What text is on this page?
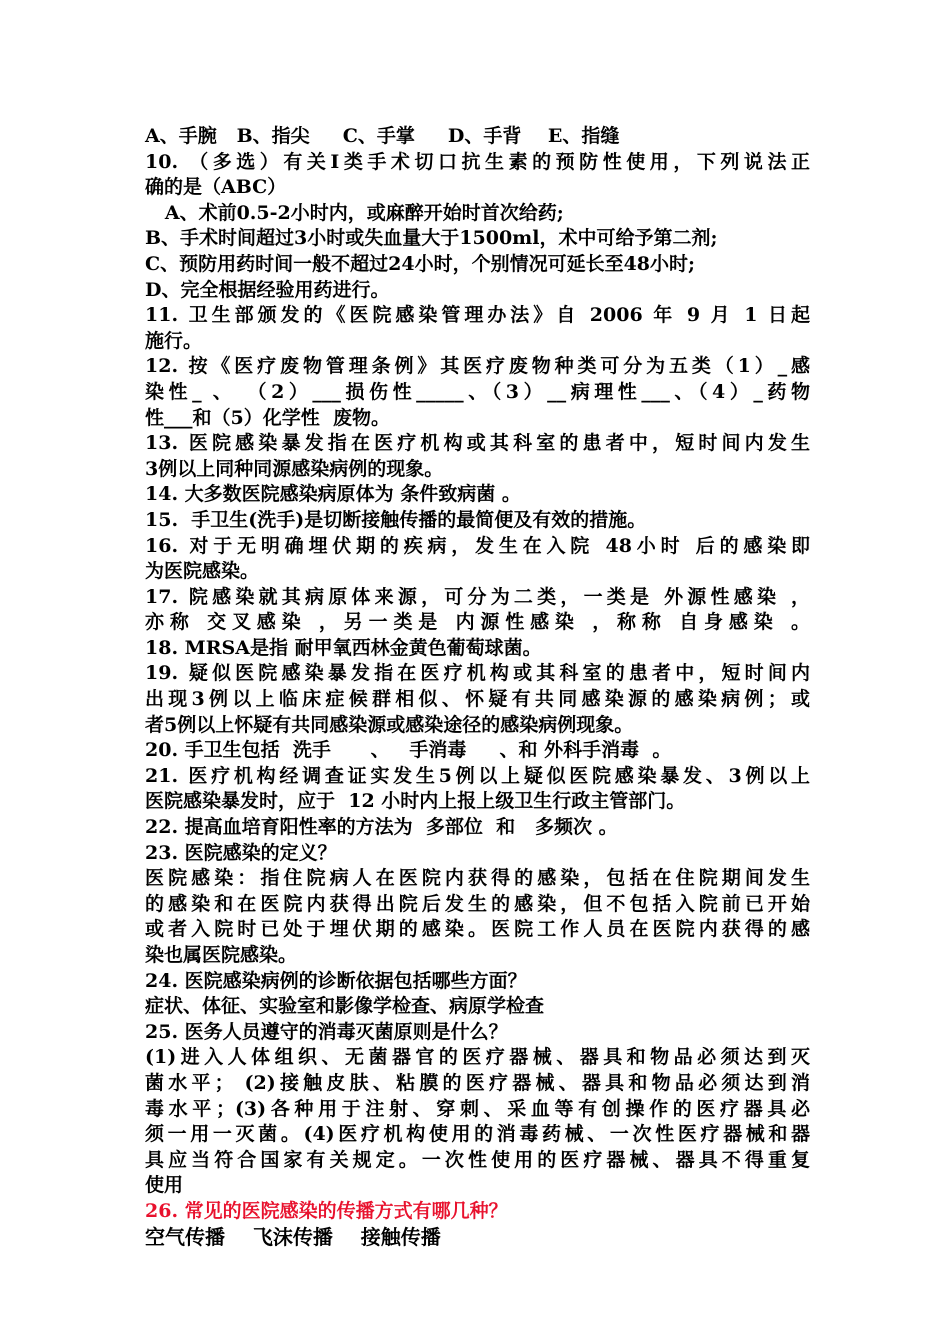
A、手腕   B、指尖     C、手掌     D、手背    E、指缝
10. （多选）有关I类手术切口抗生素的预防性使用，下列说法正
确的是（ABC）
A、术前0.5-2小时内，或麻醉开始时首次给药;
B、手术时间超过3小时或失血量大于1500ml，术中可给予第二剂;
C、预防用药时间一般不超过24小时，个别情况可延长至48小时;
D、完全根据经验用药进行。
11. 卫生部颁发的《医院感染管理办法》自 2006 年 9 月 1 日起
施行。
12. 按《医疗废物管理条例》其医疗废物种类可分为五类（1）_感
染性_ 、 （2）___损伤性_____、（3）__病理性___、（4）_药物
性___和（5）化学性  废物。
13. 医院感染暴发指在医疗机构或其科室的患者中，短时间内发生
3例以上同种同源感染病例的现象。
14. 大多数医院感染病原体为 条件致病菌 。
15.  手卫生(洗手)是切断接触传播的最简便及有效的措施。
16. 对于无明确埋伏期的疾病，发生在入院 48小时 后的感染即
为医院感染。
17. 院感染就其病原体来源，可分为二类，一类是 外源性感染 ，
亦称 交叉感染 ，另一类是 内源性感染 ，称称 自身感染 。
18. MRSA是指 耐甲氧西林金黄色葡萄球菌。
19. 疑似医院感染暴发指在医疗机构或其科室的患者中，短时间内
出现3例以上临床症候群相似、怀疑有共同感染源的感染病例；或
者5例以上怀疑有共同感染源或感染途径的感染病例现象。
20. 手卫生包括  洗手      、   手消毒     、和 外科手消毒  。
21. 医疗机构经调查证实发生5例以上疑似医院感染暴发、3例以上
医院感染暴发时，应于  12 小时内上报上级卫生行政主管部门。
22. 提高血培育阳性率的方法为  多部位  和   多频次 。
23. 医院感染的定义？
医院感染：指住院病人在医院内获得的感染，包括在住院期间发生
的感染和在医院内获得出院后发生的感染，但不包括入院前已开始
或者入院时已处于埋伏期的感染。医院工作人员在医院内获得的感
染也属医院感染。
24. 医院感染病例的诊断依据包括哪些方面？
症状、体征、实验室和影像学检查、病原学检查
25. 医务人员遵守的消毒灭菌原则是什么？
(1)进入人体组织、无菌器官的医疗器械、器具和物品必须达到灭
菌水平； (2)接触皮肤、粘膜的医疗器械、器具和物品必须达到消
毒水平；(3)各种用于注射、穿刺、采血等有创操作的医疗器具必
须一用一灭菌。(4)医疗机构使用的消毒药械、一次性医疗器械和器
具应当符合国家有关规定。一次性使用的医疗器械、器具不得重复
使用
26. 常见的医院感染的传播方式有哪几种？
空气传播    飞沫传播    接触传播
